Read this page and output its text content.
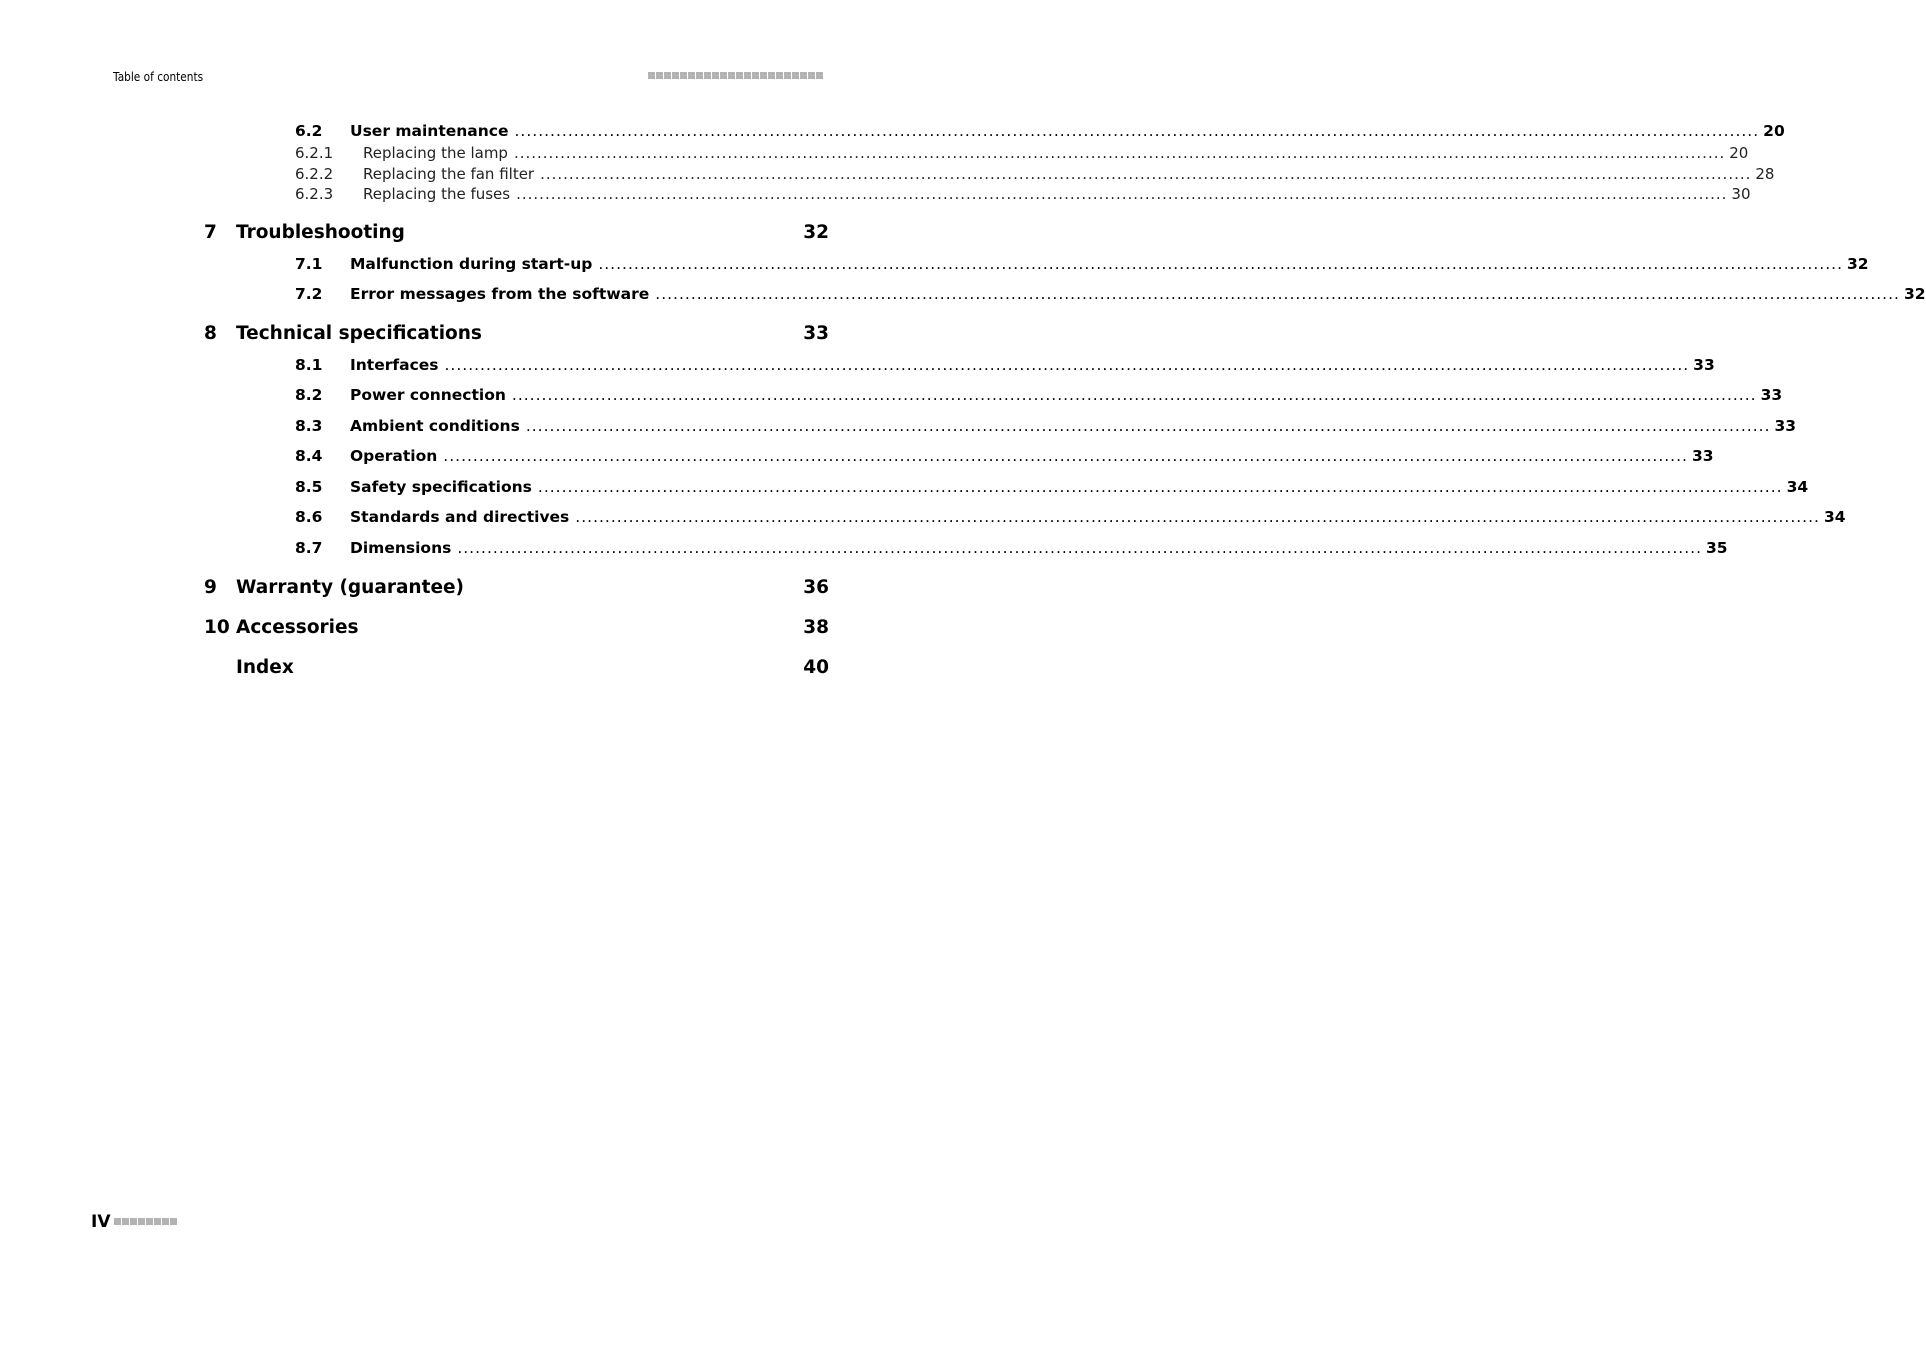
Table of contents
6.2 User maintenance .................................................................................................................................................................................................................. 20
6.2.1 Replacing the lamp .................................................................................................................................................................................................................. 20
6.2.2 Replacing the fan filter .................................................................................................................................................................................................................. 28
6.2.3 Replacing the fuses .................................................................................................................................................................................................................. 30
7 Troubleshooting	32
7.1 Malfunction during start-up .................................................................................................................................................................................................................. 32
7.2 Error messages from the software .................................................................................................................................................................................................................. 32
8 Technical specifications	33
8.1 Interfaces .................................................................................................................................................................................................................. 33
8.2 Power connection .................................................................................................................................................................................................................. 33
8.3 Ambient conditions .................................................................................................................................................................................................................. 33
8.4 Operation .................................................................................................................................................................................................................. 33
8.5 Safety specifications .................................................................................................................................................................................................................. 34
8.6 Standards and directives .................................................................................................................................................................................................................. 34
8.7 Dimensions .................................................................................................................................................................................................................. 35
9 Warranty (guarantee)	36
10 Accessories	38
Index	40
IV
